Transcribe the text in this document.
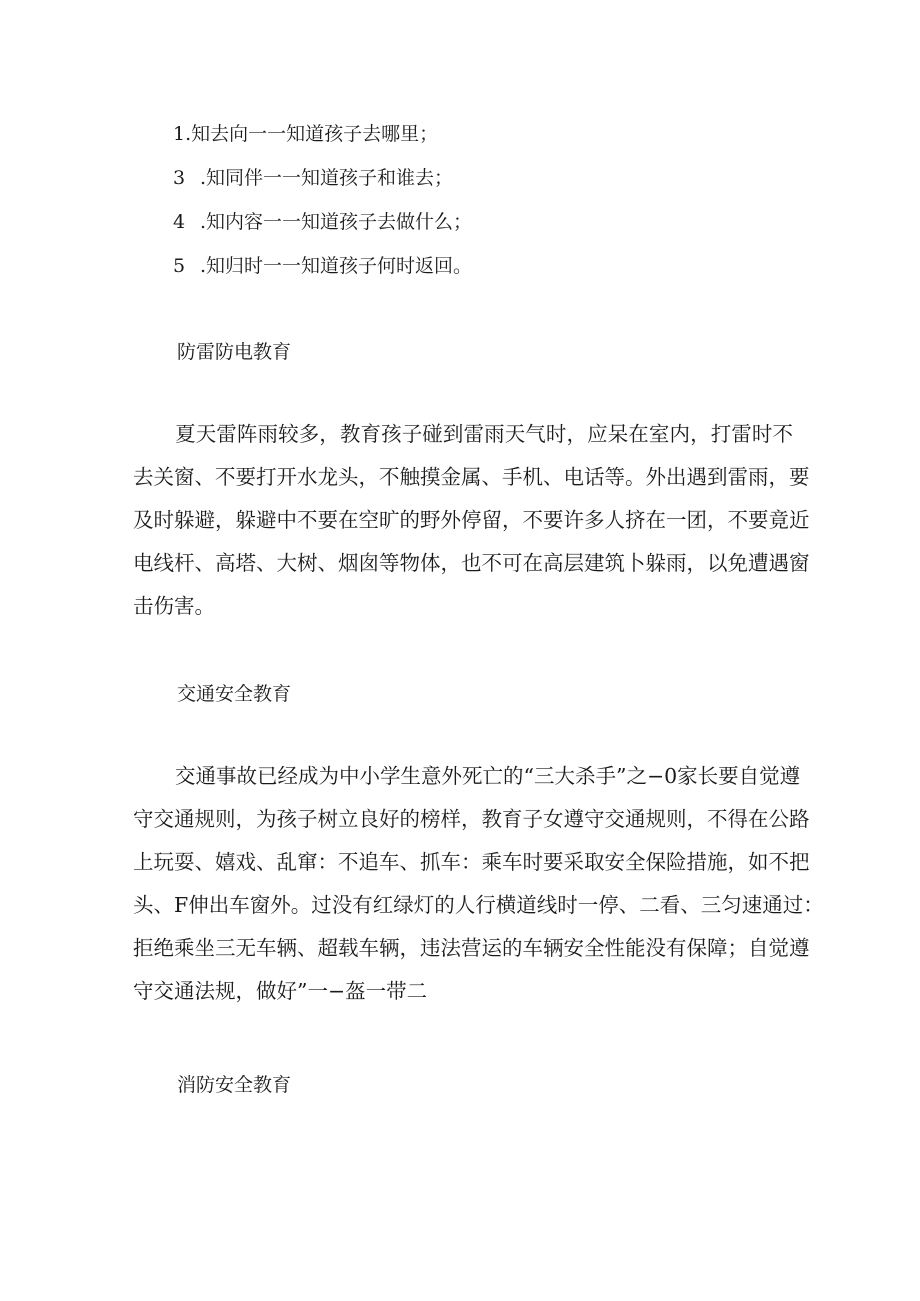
1.知去向一一知道孩子去哪里；
3 .知同伴一一知道孩子和谁去；
4 .知内容一一知道孩子去做什么；
5 .知归时一一知道孩子何时返回。
防雷防电教育
夏天雷阵雨较多，教育孩子碰到雷雨天气时，应呆在室内，打雷时不
去关窗、不要打开水龙头，不触摸金属、手机、电话等。外出遇到雷雨，要
及时躲避，躲避中不要在空旷的野外停留，不要许多人挤在一团，不要竟近
电线杆、高塔、大树、烟囱等物体，也不可在高层建筑卜躲雨，以免遭遇窗
击伤害。
交通安全教育
交通事故已经成为中小学生意外死亡的“三大杀手”之−0家长要自觉遵
守交通规则，为孩子树立良好的榜样，教育子女遵守交通规则，不得在公路
上玩耍、嬉戏、乱窜：不追车、抓车：乘车时要采取安全保险措施，如不把
头、F伸出车窗外。过没有红绿灯的人行横道线时一停、二看、三匀速通过：
拒绝乘坐三无车辆、超载车辆，违法营运的车辆安全性能没有保障；自觉遵
守交通法规，做好”一−盔一带二
消防安全教育
